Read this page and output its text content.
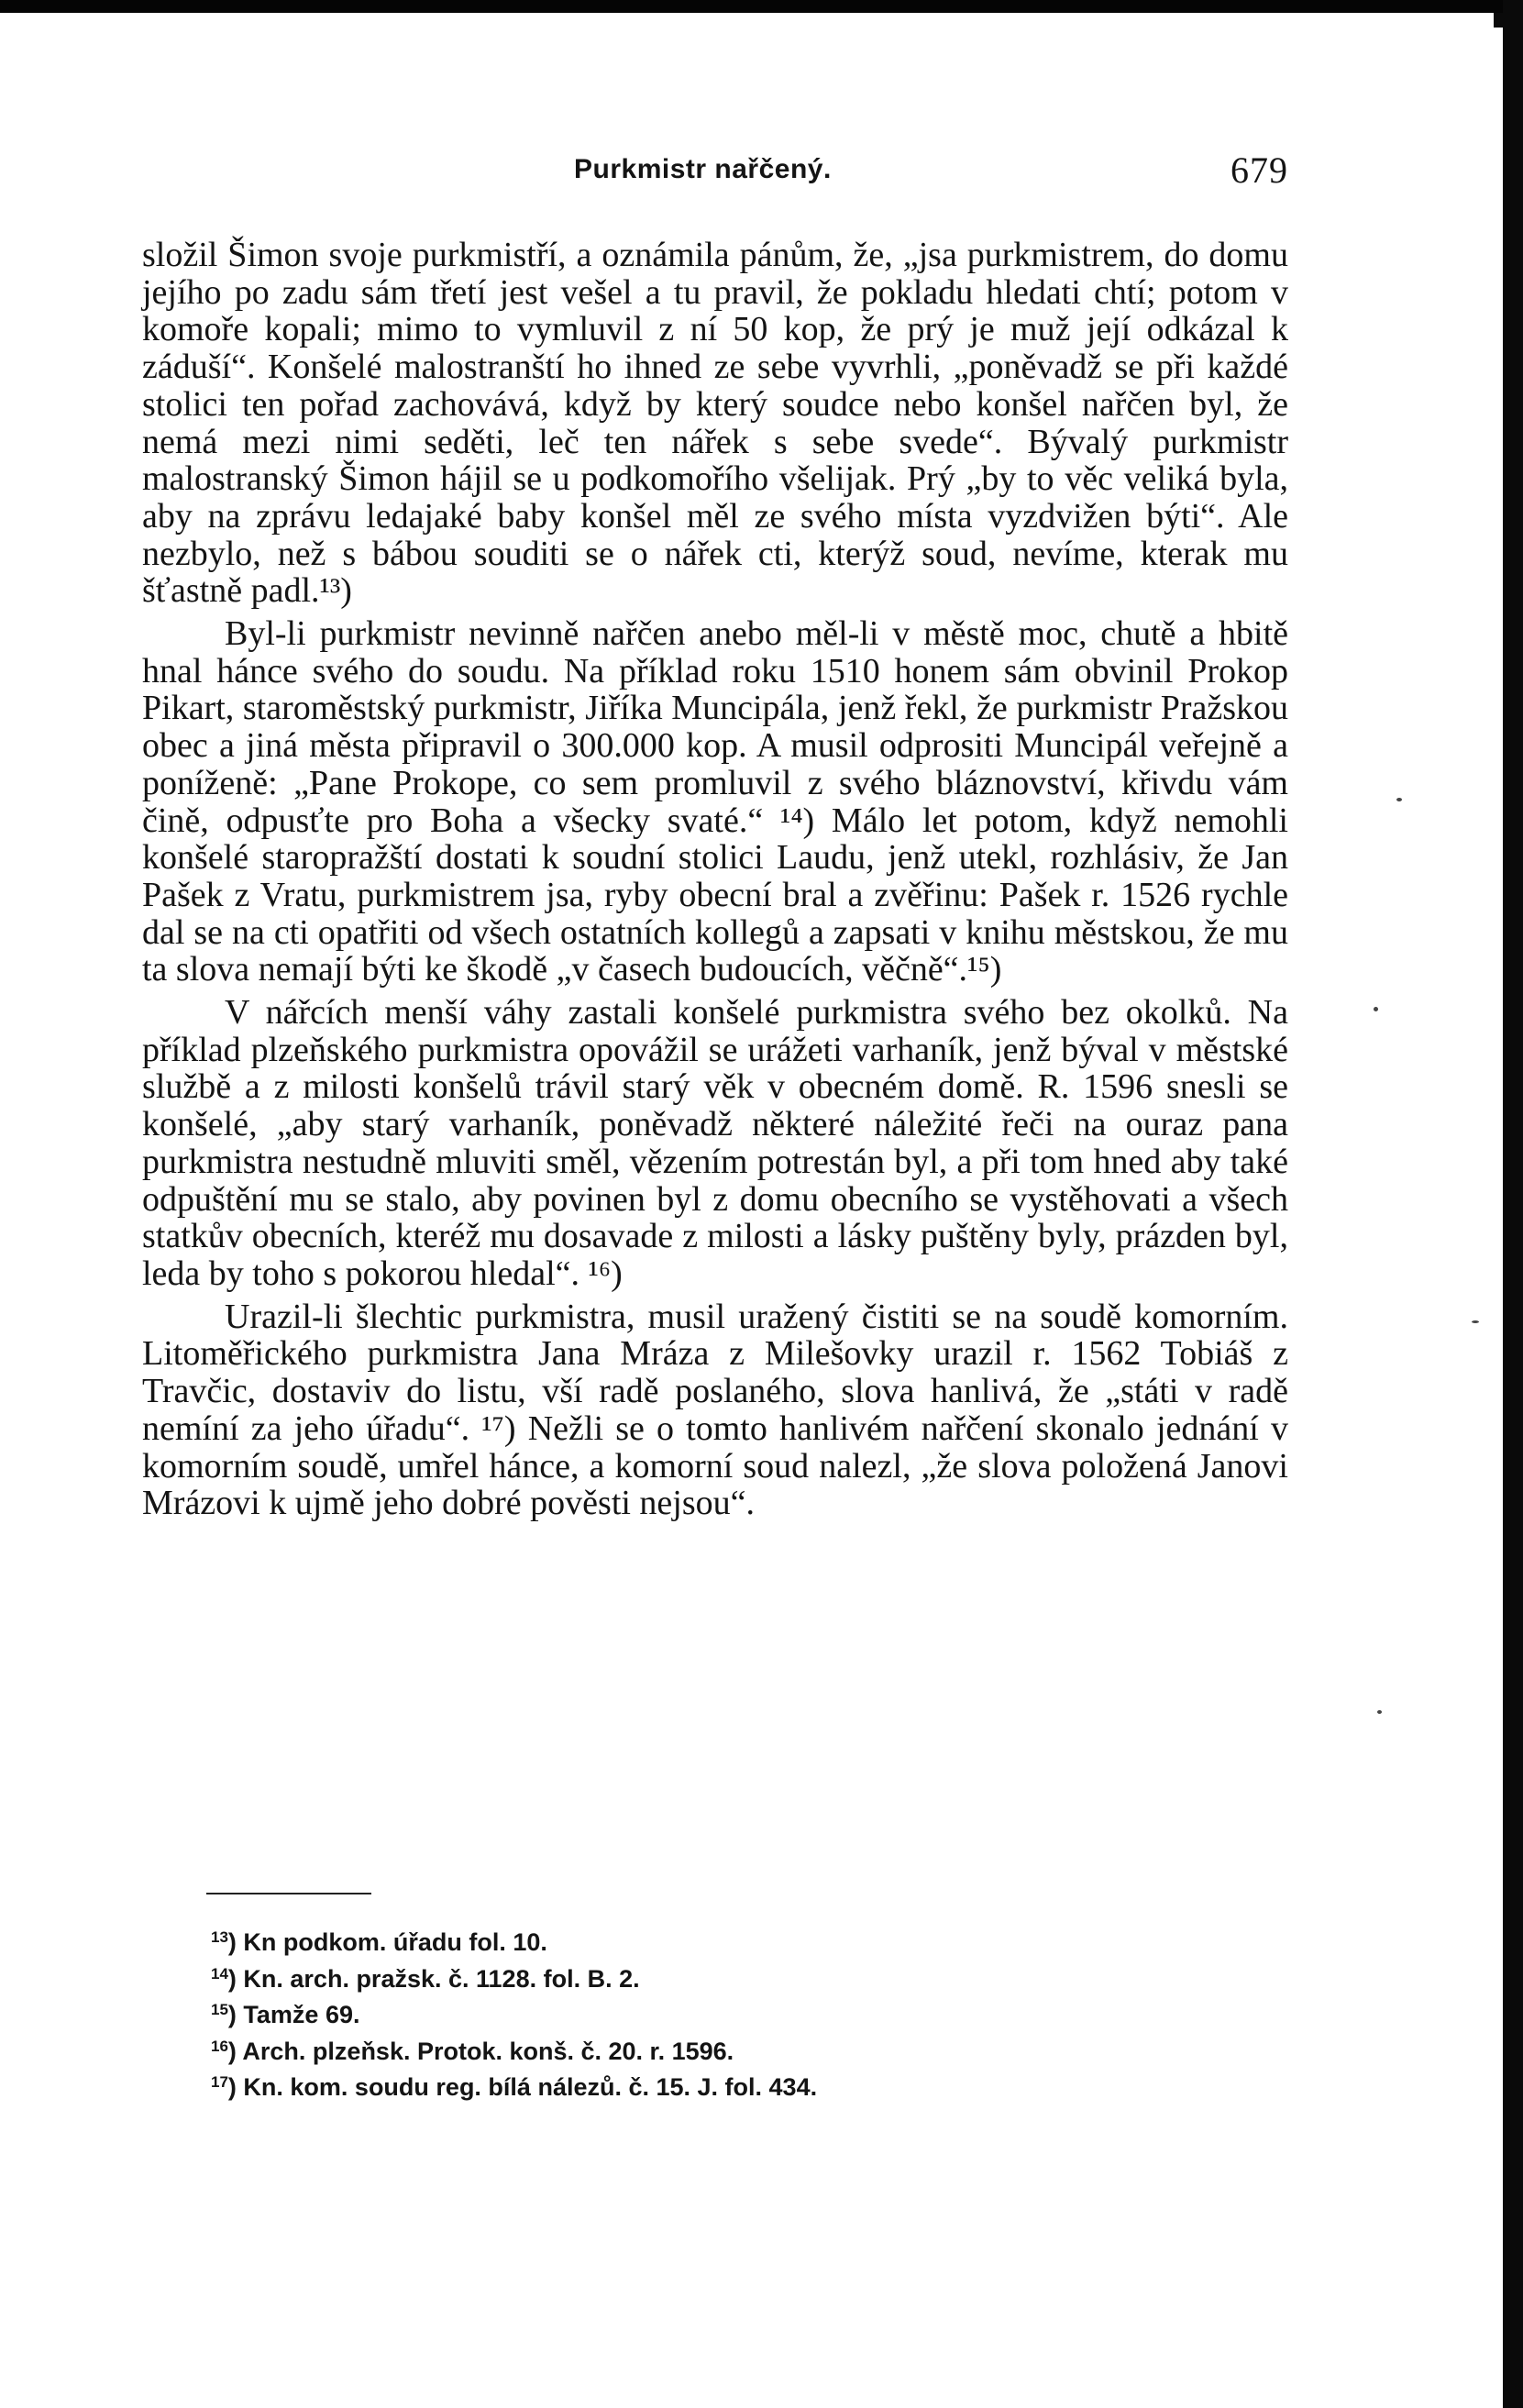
Purkmistr nařčený.	679

složil Šimon svoje purkmistří, a oznámila pánům, že, „jsa purkmistrem, do domu jejího po zadu sám třetí jest vešel a tu pravil, že pokladu hledati chtí; potom v komoře kopali; mimo to vymluvil z ní 50 kop, že prý je muž její odkázal k záduší“. Konšelé malostranští ho ihned ze sebe vyvrhli, „poněvadž se při každé stolici ten pořad zachovává, když by který soudce nebo konšel nařčen byl, že nemá mezi nimi seděti, leč ten nářek s sebe svede“. Bývalý purkmistr malostranský Šimon hájil se u podkomořího všelijak. Prý „by to věc veliká byla, aby na zprávu ledajaké baby konšel měl ze svého místa vyzdvižen býti“. Ale nezbylo, než s bábou souditi se o nářek cti, kterýž soud, nevíme, kterak mu šťastně padl.¹³)

Byl-li purkmistr nevinně nařčen anebo měl-li v městě moc, chutě a hbitě hnal hánce svého do soudu. Na příklad roku 1510 honem sám obvinil Prokop Pikart, staroměstský purkmistr, Jiříka Muncipála, jenž řekl, že purkmistr Pražskou obec a jiná města připravil o 300.000 kop. A musil odprositi Muncipál veřejně a poníženě: „Pane Prokope, co sem promluvil z svého bláznovství, křivdu vám čině, odpusťte pro Boha a všecky svaté.“ ¹⁴) Málo let potom, když nemohli konšelé staropražští dostati k soudní stolici Laudu, jenž utekl, rozhlásiv, že Jan Pašek z Vratu, purkmistrem jsa, ryby obecní bral a zvěřinu: Pašek r. 1526 rychle dal se na cti opatřiti od všech ostatních kollegů a zapsati v knihu městskou, že mu ta slova nemají býti ke škodě „v časech budoucích, věčně“.¹⁵)

V nářcích menší váhy zastali konšelé purkmistra svého bez okolků. Na příklad plzeňského purkmistra opovážil se urážeti varhaník, jenž býval v městské službě a z milosti konšelů trávil starý věk v obecném domě. R. 1596 snesli se konšelé, „aby starý varhaník, poněvadž některé náležité řeči na ouraz pana purkmistra nestudně mluviti směl, vězením potrestán byl, a při tom hned aby také odpuštění mu se stalo, aby povinen byl z domu obecního se vystěhovati a všech statkův obecních, kteréž mu dosavade z milosti a lásky puštěny byly, prázden byl, leda by toho s pokorou hledal“. ¹⁶)

Urazil-li šlechtic purkmistra, musil uražený čistiti se na soudě komorním. Litoměřického purkmistra Jana Mráza z Milešovky urazil r. 1562 Tobiáš z Travčic, dostaviv do listu, vší radě poslaného, slova hanlivá, že „státi v radě nemíní za jeho úřadu“. ¹⁷) Nežli se o tomto hanlivém nařčení skonalo jednání v komorním soudě, umřel hánce, a komorní soud nalezl, „že slova položená Janovi Mrázovi k ujmě jeho dobré pověsti nejsou“.

$^{13}$) Kn podkom. úřadu fol. 10.
$^{14}$) Kn. arch. pražsk. č. 1128. fol. B. 2.
$^{15}$) Tamže 69.
$^{16}$) Arch. plzeňsk. Protok. konš. č. 20. r. 1596.
$^{17}$) Kn. kom. soudu reg. bílá nálezů. č. 15. J. fol. 434.
